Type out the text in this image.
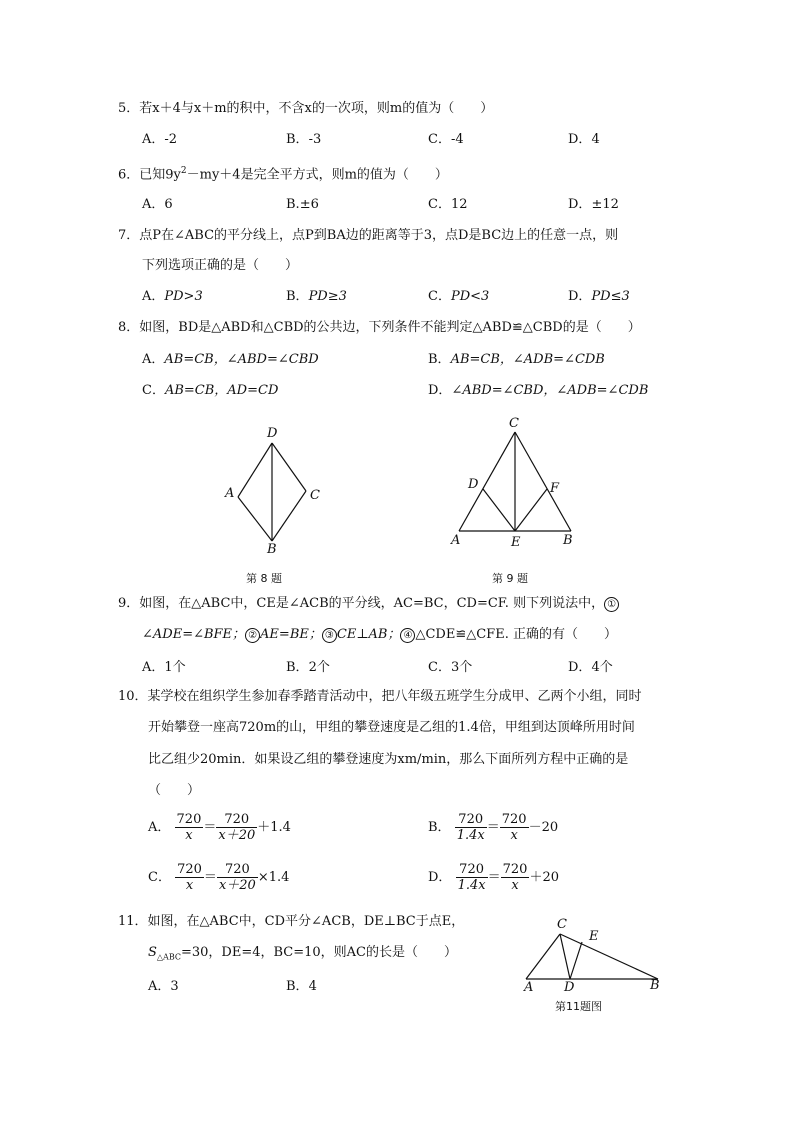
5．若x＋4与x＋m的积中，不含x的一次项，则m的值为（　　）
A．-2	B．-3	C．-4	D．4
6．已知$9y^2-my+4$是完全平方式，则m的值为（　　）
A．6	B.±6	C．12	D．±12
7．点P在∠ABC的平分线上，点P到BA边的距离等于3，点D是BC边上的任意一点，则
下列选项正确的是（　　）
A．PD>3	B．PD≥3	C．PD<3	D．PD≤3
8．如图，BD是△ABD和△CBD的公共边，下列条件不能判定△ABD≌△CBD的是（　　）
A．AB=CB，∠ABD=∠CBD	B．AB=CB，∠ADB=∠CDB
C．AB=CB，AD=CD	D．∠ABD=∠CBD，∠ADB=∠CDB
D
A	C
B
第 8 题
C
D	F
A	E	B
第 9 题
9．如图，在△ABC中，CE是∠ACB的平分线，AC=BC，CD=CF. 则下列说法中， ①
∠ADE=∠BFE； ② AE=BE； ③ CE⊥AB； ④ △CDE≌△CFE. 正确的有（　　）
A．1个	B．2个	C．3个	D．4个
10．某学校在组织学生参加春季踏青活动中，把八年级五班学生分成甲、乙两个小组，同时
开始攀登一座高720m的山，甲组的攀登速度是乙组的1.4倍，甲组到达顶峰所用时间
比乙组少20min．如果设乙组的攀登速度为xm/min，那么下面所列方程中正确的是
（　　）
A． $\frac{720}{x} = \frac{720}{x+20} +1.4$	B． $\frac{720}{1.4x} = \frac{720}{x} -20$
C． $\frac{720}{x} = \frac{720}{x+20} \times 1.4$	D． $\frac{720}{1.4x} = \frac{720}{x} +20$
11．如图，在△ABC中，CD平分∠ACB，DE⊥BC于点E，
$S_{\triangle ABC}=30$，DE=4，BC=10，则AC的长是（　　）
A．3	B．4
C
E
A D	B
第11题图
